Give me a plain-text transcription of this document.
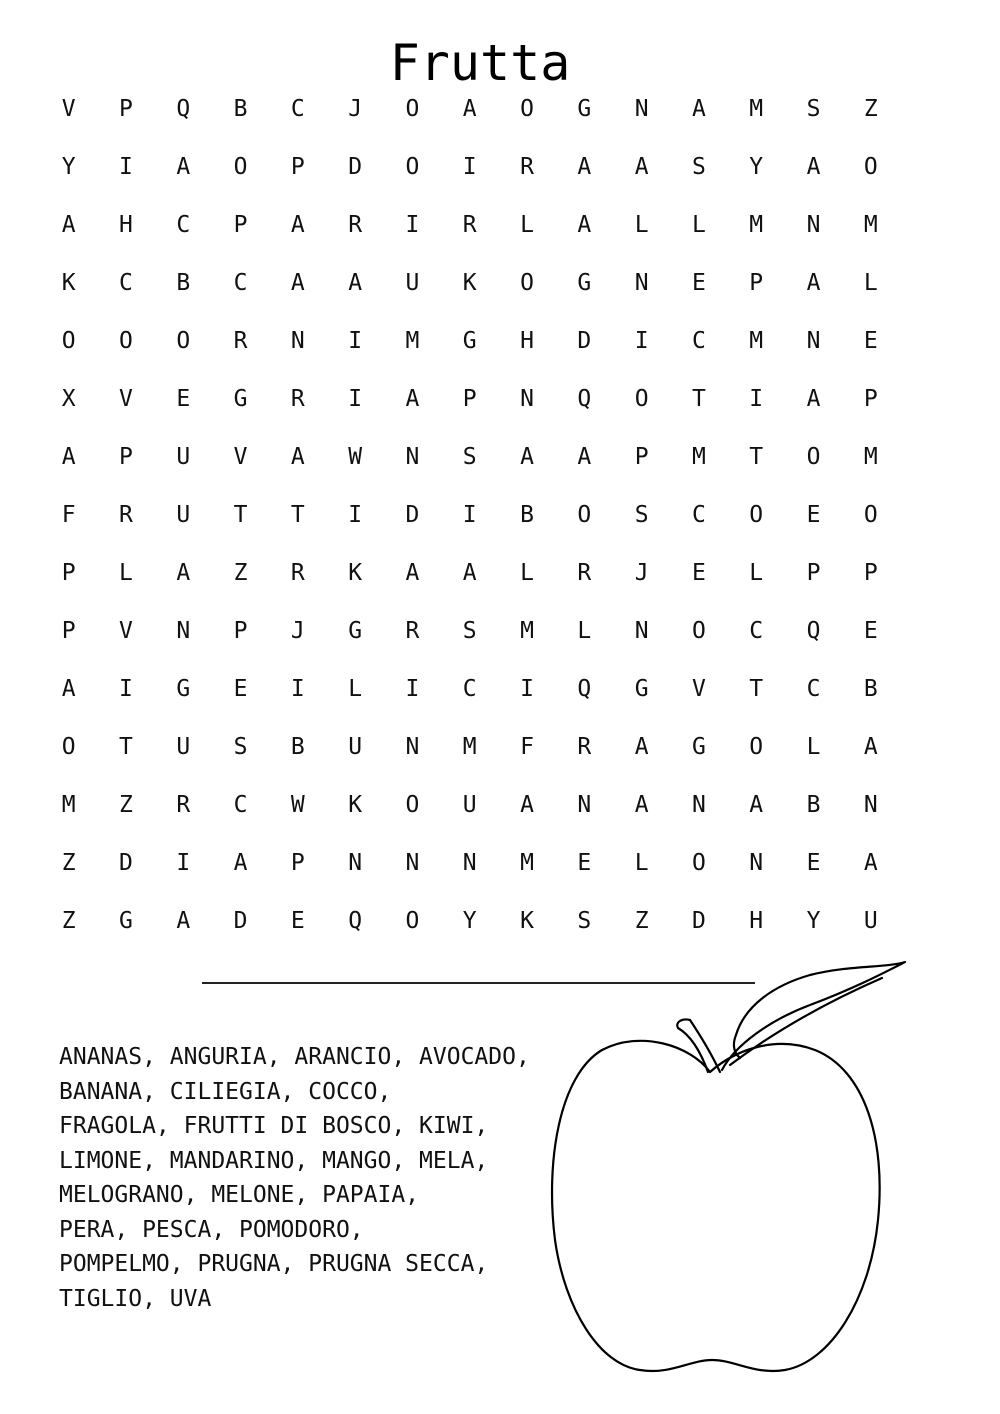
Frutta
V	P	Q	B	C	J	O	A	O	G	N	A	M	S	Z
Y	I	A	O	P	D	O	I	R	A	A	S	Y	A	O
A	H	C	P	A	R	I	R	L	A	L	L	M	N	M
K	C	B	C	A	A	U	K	O	G	N	E	P	A	L
O	O	O	R	N	I	M	G	H	D	I	C	M	N	E
X	V	E	G	R	I	A	P	N	Q	O	T	I	A	P
A	P	U	V	A	W	N	S	A	A	P	M	T	O	M
F	R	U	T	T	I	D	I	B	O	S	C	O	E	O
P	L	A	Z	R	K	A	A	L	R	J	E	L	P	P
P	V	N	P	J	G	R	S	M	L	N	O	C	Q	E
A	I	G	E	I	L	I	C	I	Q	G	V	T	C	B
O	T	U	S	B	U	N	M	F	R	A	G	O	L	A
M	Z	R	C	W	K	O	U	A	N	A	N	A	B	N
Z	D	I	A	P	N	N	N	M	E	L	O	N	E	A
Z	G	A	D	E	Q	O	Y	K	S	Z	D	H	Y	U
ANANAS, ANGURIA, ARANCIO, AVOCADO,
BANANA, CILIEGIA, COCCO,
FRAGOLA, FRUTTI DI BOSCO, KIWI,
LIMONE, MANDARINO, MANGO, MELA,
MELOGRANO, MELONE, PAPAIA,
PERA, PESCA, POMODORO,
POMPELMO, PRUGNA, PRUGNA SECCA,
TIGLIO, UVA
